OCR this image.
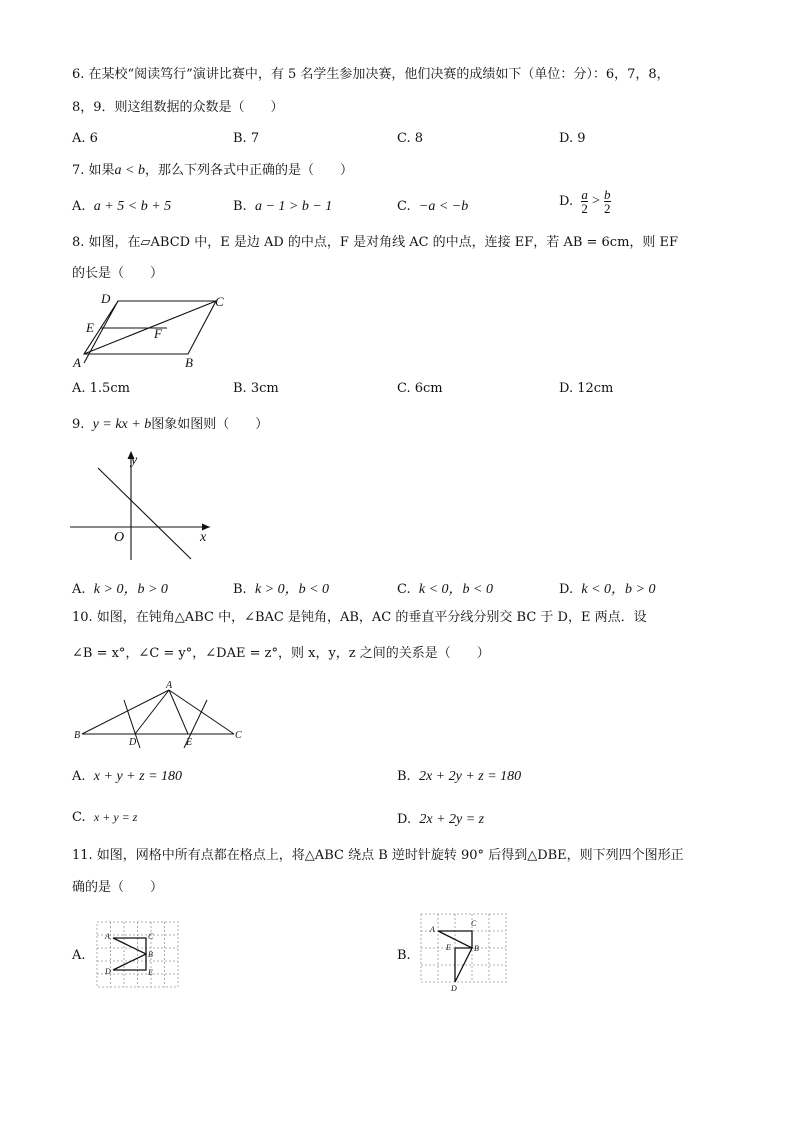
6. 在某校“阅读笃行”演讲比赛中，有 5 名学生参加决赛，他们决赛的成绩如下（单位：分）：6，7，8，
8，9．则这组数据的众数是（　　）
A. 6	B. 7	C. 8	D. 9
7. 如果a < b，那么下列各式中正确的是（　　）
A. a + 5 < b + 5	B. a − 1 > b − 1	C. −a < −b	D. $\frac{a}{2} > \frac{b}{2}$
8. 如图，在▱ABCD 中，E 是边 AD 的中点，F 是对角线 AC 的中点，连接 EF，若 AB = 6cm，则 EF
的长是（　　）
D	C
E	F
A	B
A. 1.5cm	B. 3cm	C. 6cm	D. 12cm
9.  y = kx + b图象如图则（　　）
y
x
O
A. k > 0，b > 0	B. k > 0，b < 0	C. k < 0，b < 0	D. k < 0，b > 0
10. 如图，在钝角△ABC 中，∠BAC 是钝角，AB，AC 的垂直平分线分别交 BC 于 D，E 两点．设
∠B = x°，∠C = y°，∠DAE = z°，则 x，y，z 之间的关系是（　　）
A
B
D	E
C
A. x + y + z = 180	B. 2x + 2y + z = 180
C. x + y = z	D. 2x + 2y = z
11. 如图，网格中所有点都在格点上，将△ABC 绕点 B 逆时针旋转 90° 后得到△DBE，则下列四个图形正
确的是（　　）
A.
A	C
B
D	E
B.
A
C
E	B
D
